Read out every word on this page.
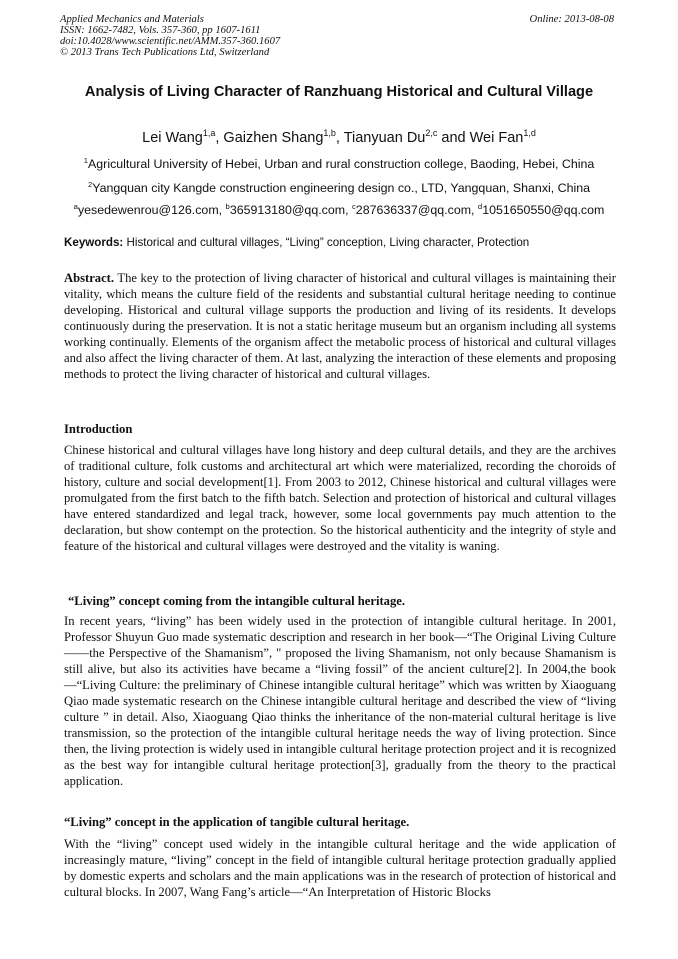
Applied Mechanics and Materials
ISSN: 1662-7482, Vols. 357-360, pp 1607-1611
doi:10.4028/www.scientific.net/AMM.357-360.1607
© 2013 Trans Tech Publications Ltd, Switzerland
Online: 2013-08-08
Analysis of Living Character of Ranzhuang Historical and Cultural Village
Lei Wang$^{1,a}$, Gaizhen Shang$^{1,b}$, Tianyuan Du$^{2,c}$ and Wei Fan$^{1,d}$
$^1$Agricultural University of Hebei, Urban and rural construction college, Baoding, Hebei, China
$^2$Yangquan city Kangde construction engineering design co., LTD, Yangquan, Shanxi, China
$^a$yesedewenrou@126.com, $^b$365913180@qq.com, $^c$287636337@qq.com, $^d$1051650550@qq.com
Keywords: Historical and cultural villages, “Living” conception, Living character, Protection

Abstract. The key to the protection of living character of historical and cultural villages is maintaining their vitality, which means the culture field of the residents and substantial cultural heritage needing to continue developing. Historical and cultural village supports the production and living of its residents. It develops continuously during the preservation. It is not a static heritage museum but an organism including all systems working continually. Elements of the organism affect the metabolic process of historical and cultural villages and also affect the living character of them. At last, analyzing the interaction of these elements and proposing methods to protect the living character of historical and cultural villages.

Introduction

Chinese historical and cultural villages have long history and deep cultural details, and they are the archives of traditional culture, folk customs and architectural art which were materialized, recording the choroids of history, culture and social development[1]. From 2003 to 2012, Chinese historical and cultural villages were promulgated from the first batch to the fifth batch. Selection and protection of historical and cultural villages have entered standardized and legal track, however, some local governments pay much attention to the declaration, but show contempt on the protection. So the historical authenticity and the integrity of style and feature of the historical and cultural villages were destroyed and the vitality is waning.

“Living” concept coming from the intangible cultural heritage.

In recent years, “living” has been widely used in the protection of intangible cultural heritage. In 2001, Professor Shuyun Guo made systematic description and research in her book—“The Original Living Culture——the Perspective of the Shamanism”, " proposed the living Shamanism, not only because Shamanism is still alive, but also its activities have became a “living fossil” of the ancient culture[2]. In 2004,the book—“Living Culture: the preliminary of Chinese intangible cultural heritage” which was written by Xiaoguang Qiao made systematic research on the Chinese intangible cultural heritage and described the view of “living culture ” in detail. Also, Xiaoguang Qiao thinks the inheritance of the non-material cultural heritage is live transmission, so the protection of the intangible cultural heritage needs the way of living protection. Since then, the living protection is widely used in intangible cultural heritage protection project and it is recognized as the best way for intangible cultural heritage protection[3], gradually from the theory to the practical application.

“Living” concept in the application of tangible cultural heritage.

With the “living” concept used widely in the intangible cultural heritage and the wide application of increasingly mature, “living” concept in the field of intangible cultural heritage protection gradually applied by domestic experts and scholars and the main applications was in the research of protection of historical and cultural blocks. In 2007, Wang Fang’s article—“An Interpretation of Historic Blocks
